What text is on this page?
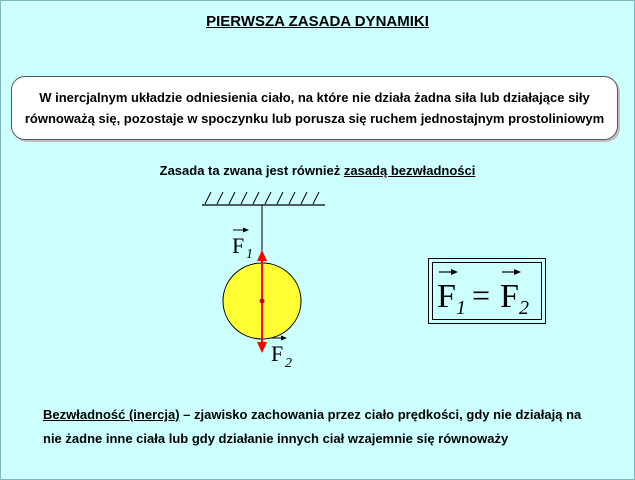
PIERWSZA ZASADA DYNAMIKI
W inercjalnym układzie odniesienia ciało, na które nie działa żadna siła lub działające siły
równoważą się, pozostaje w spoczynku lub porusza się ruchem jednostajnym prostoliniowym
Zasada ta zwana jest również zasadą bezwładności
F 1
F 2
F 1 = F 2
Bezwładność (inercja) – zjawisko zachowania przez ciało prędkości, gdy nie działają na
nie żadne inne ciała lub gdy działanie innych ciał wzajemnie się równoważy
